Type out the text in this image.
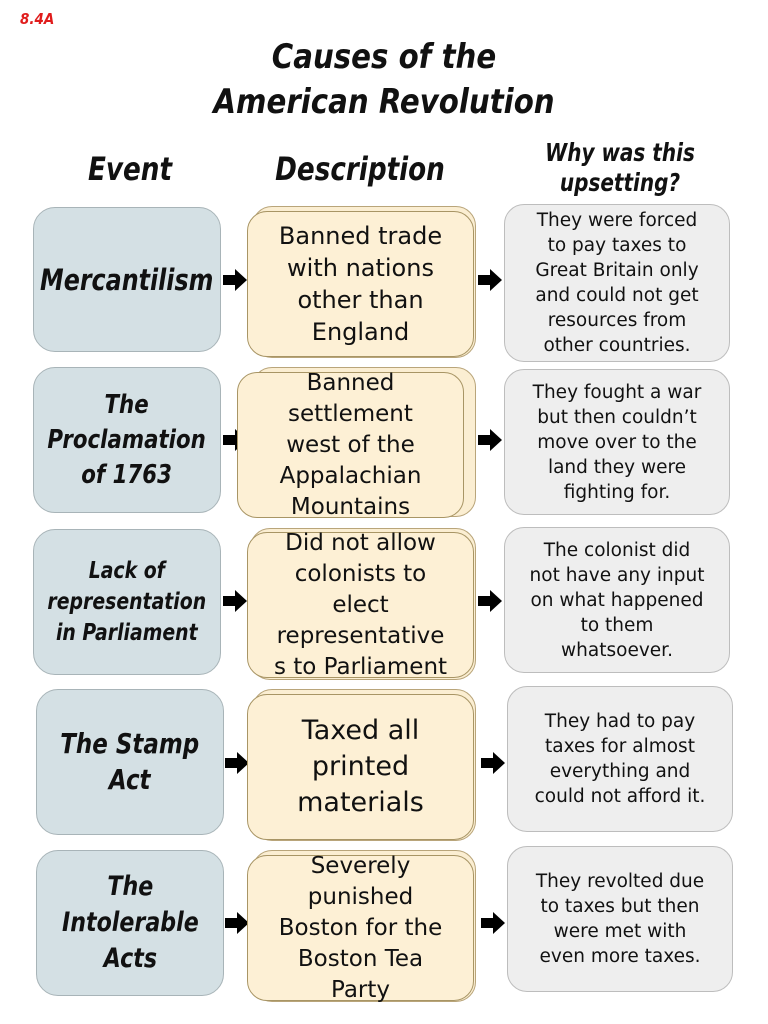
8.4A
Causes of the
American Revolution
Event	Description	Why was this
upsetting?
Mercantilism
Banned trade
with nations
other than
England
They were forced
to pay taxes to
Great Britain only
and could not get
resources from
other countries.
The
Proclamation
of 1763
Banned
settlement
west of the
Appalachian
Mountains
They fought a war
but then couldn’t
move over to the
land they were
fighting for.
Lack of
representation
in Parliament
Did not allow
colonists to
elect
representative
s to Parliament
The colonist did
not have any input
on what happened
to them
whatsoever.
The Stamp
Act
Taxed all
printed
materials
They had to pay
taxes for almost
everything and
could not afford it.
The
Intolerable
Acts
Severely
punished
Boston for the
Boston Tea
Party
They revolted due
to taxes but then
were met with
even more taxes.
